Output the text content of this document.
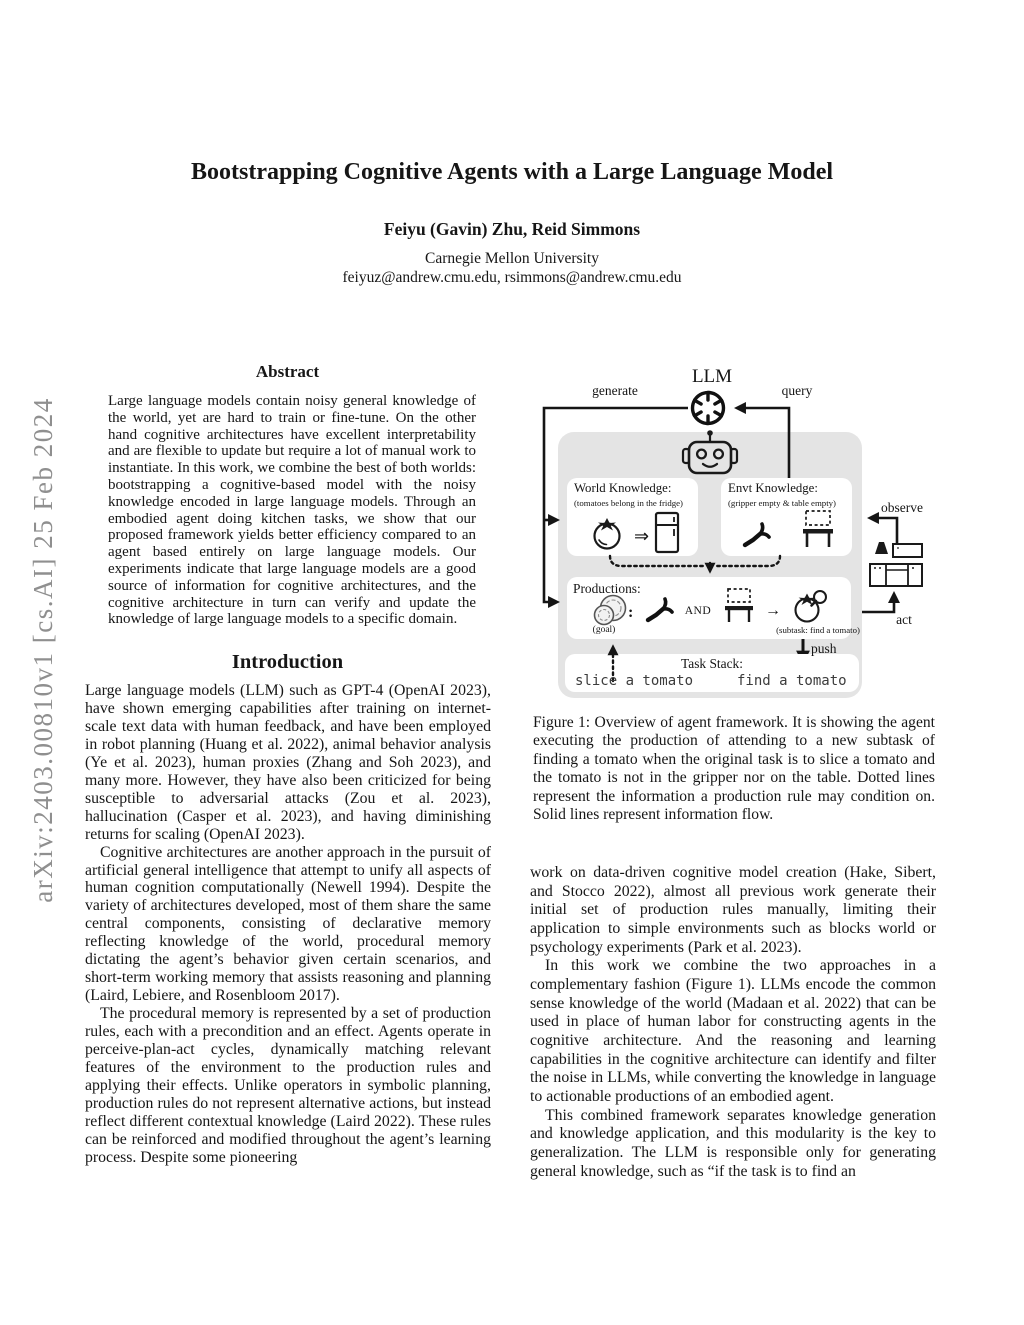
arXiv:2403.00810v1 [cs.AI] 25 Feb 2024
Bootstrapping Cognitive Agents with a Large Language Model
Feiyu (Gavin) Zhu, Reid Simmons
Carnegie Mellon University
feiyuz@andrew.cmu.edu, rsimmons@andrew.cmu.edu
Abstract
Large language models contain noisy general knowledge of the world, yet are hard to train or fine-tune. On the other hand cognitive architectures have excellent interpretability and are flexible to update but require a lot of manual work to instantiate. In this work, we combine the best of both worlds: bootstrapping a cognitive-based model with the noisy knowledge encoded in large language models. Through an embodied agent doing kitchen tasks, we show that our proposed framework yields better efficiency compared to an agent based entirely on large language models. Our experiments indicate that large language models are a good source of information for cognitive architectures, and the cognitive architecture in turn can verify and update the knowledge of large language models to a specific domain.
Introduction

Large language models (LLM) such as GPT-4 (OpenAI 2023), have shown emerging capabilities after training on internet-scale text data with human feedback, and have been employed in robot planning (Huang et al. 2022), animal behavior analysis (Ye et al. 2023), human proxies (Zhang and Soh 2023), and many more. However, they have also been criticized for being susceptible to adversarial attacks (Zou et al. 2023), hallucination (Casper et al. 2023), and having diminishing returns for scaling (OpenAI 2023).

Cognitive architectures are another approach in the pursuit of artificial general intelligence that attempt to unify all aspects of human cognition computationally (Newell 1994). Despite the variety of architectures developed, most of them share the same central components, consisting of declarative memory reflecting knowledge of the world, procedural memory dictating the agent’s behavior given certain scenarios, and short-term working memory that assists reasoning and planning (Laird, Lebiere, and Rosenbloom 2017).

The procedural memory is represented by a set of production rules, each with a precondition and an effect. Agents operate in perceive-plan-act cycles, dynamically matching relevant features of the environment to the production rules and applying their effects. Unlike operators in symbolic planning, production rules do not represent alternative actions, but instead reflect different contextual knowledge (Laird 2022). These rules can be reinforced and modified throughout the agent’s learning process. Despite some pioneering

World Knowledge:
(tomatoes belong in the fridge)
⇒
Envt Knowledge:
(gripper empty & table empty)
Productions:
:	AND	→
(goal)	(subtask: find a tomato)
Task Stack:
slice a tomato	find a tomato
LLM
generate	query
observe
act
push
Figure 1: Overview of agent framework. It is showing the agent executing the production of attending to a new subtask of finding a tomato when the original task is to slice a tomato and the tomato is not in the gripper nor on the table. Dotted lines represent the information a production rule may condition on. Solid lines represent information flow.

work on data-driven cognitive model creation (Hake, Sibert, and Stocco 2022), almost all previous work generate their initial set of production rules manually, limiting their application to simple environments such as blocks world or psychology experiments (Park et al. 2023).

In this work we combine the two approaches in a complementary fashion (Figure 1). LLMs encode the common sense knowledge of the world (Madaan et al. 2022) that can be used in place of human labor for constructing agents in the cognitive architecture. And the reasoning and learning capabilities in the cognitive architecture can identify and filter the noise in LLMs, while converting the knowledge in language to actionable productions of an embodied agent.

This combined framework separates knowledge generation and knowledge application, and this modularity is the key to generalization. The LLM is responsible only for generating general knowledge, such as “if the task is to find an
